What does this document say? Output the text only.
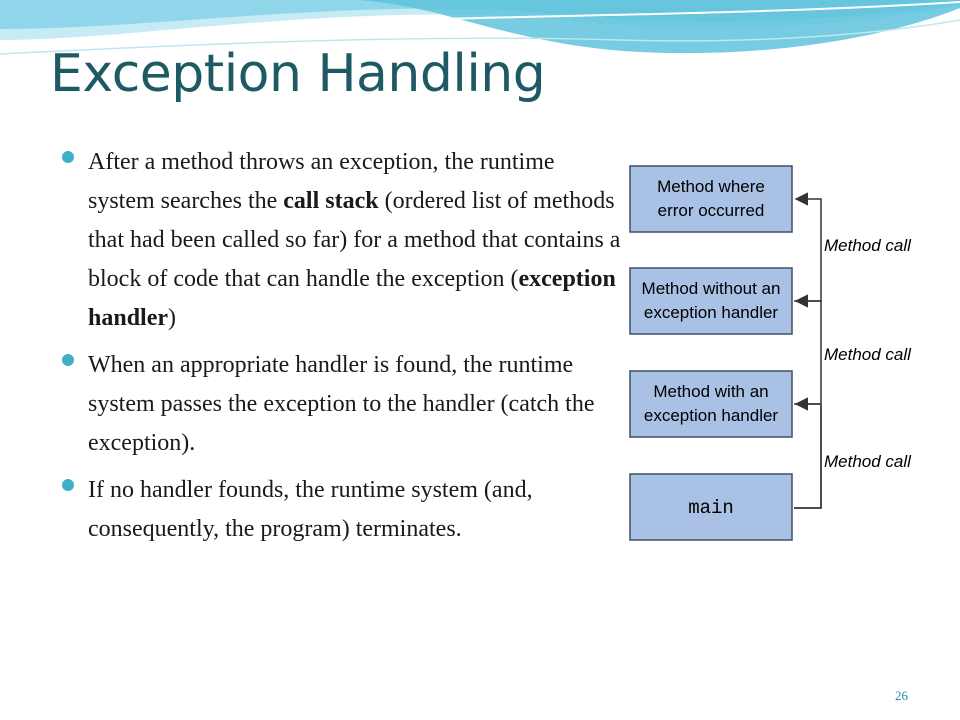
Exception Handling
After a method throws an exception, the runtime system searches the call stack (ordered list of methods that had been called so far) for a method that contains a block of code that can handle the exception (exception handler)
When an appropriate handler is found, the runtime system passes the exception to the handler (catch the exception).
If no handler founds, the runtime system (and, consequently, the program) terminates.
Method where
error occurred
Method without an
exception handler
Method with an
exception handler
main
Method call
Method call
Method call
26
